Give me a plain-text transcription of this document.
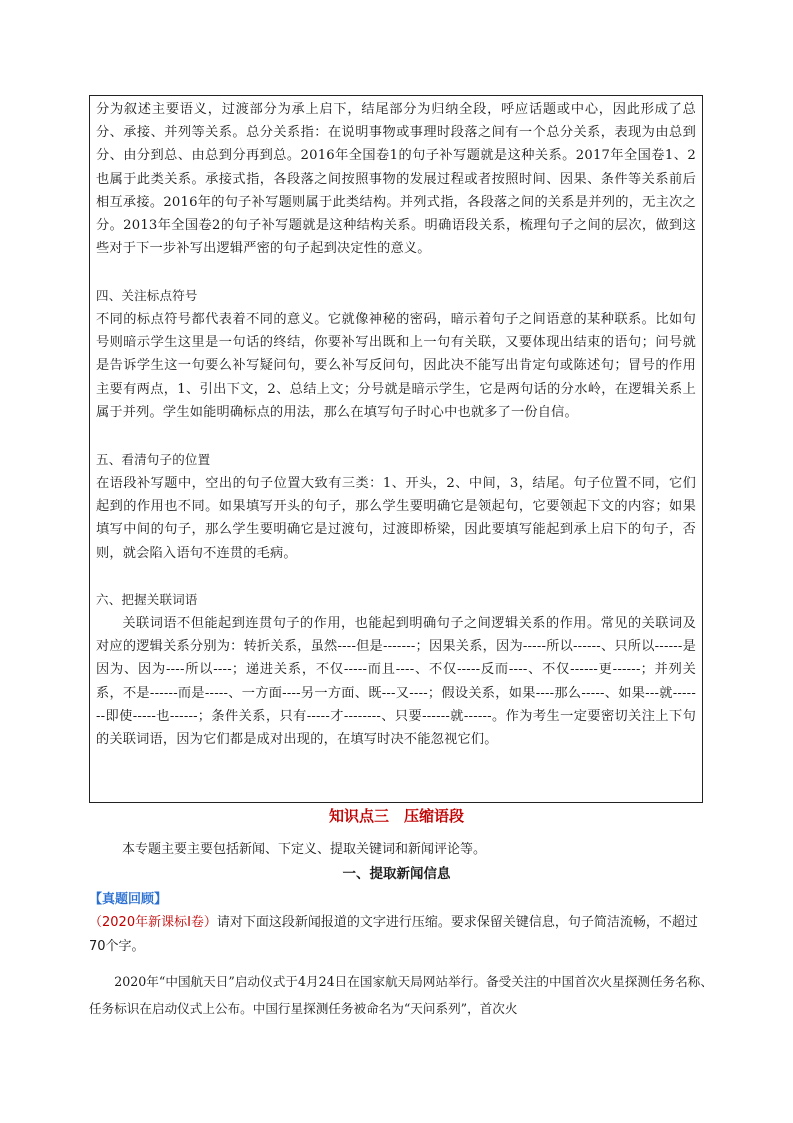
分为叙述主要语义，过渡部分为承上启下，结尾部分为归纳全段，呼应话题或中心，因此形成了总分、承接、并列等关系。总分关系指：在说明事物或事理时段落之间有一个总分关系，表现为由总到分、由分到总、由总到分再到总。2016年全国卷1的句子补写题就是这种关系。2017年全国卷1、2也属于此类关系。承接式指，各段落之间按照事物的发展过程或者按照时间、因果、条件等关系前后相互承接。2016年的句子补写题则属于此类结构。并列式指，各段落之间的关系是并列的，无主次之分。2013年全国卷2的句子补写题就是这种结构关系。明确语段关系，梳理句子之间的层次，做到这些对于下一步补写出逻辑严密的句子起到决定性的意义。

四、关注标点符号

不同的标点符号都代表着不同的意义。它就像神秘的密码，暗示着句子之间语意的某种联系。比如句号则暗示学生这里是一句话的终结，你要补写出既和上一句有关联，又要体现出结束的语句；问号就是告诉学生这一句要么补写疑问句，要么补写反问句，因此决不能写出肯定句或陈述句；冒号的作用主要有两点，1、引出下文，2、总结上文；分号就是暗示学生，它是两句话的分水岭，在逻辑关系上属于并列。学生如能明确标点的用法，那么在填写句子时心中也就多了一份自信。

五、看清句子的位置

在语段补写题中，空出的句子位置大致有三类：1、开头，2、中间，3，结尾。句子位置不同，它们起到的作用也不同。如果填写开头的句子，那么学生要明确它是领起句，它要领起下文的内容；如果填写中间的句子，那么学生要明确它是过渡句，过渡即桥梁，因此要填写能起到承上启下的句子，否则，就会陷入语句不连贯的毛病。

六、把握关联词语

关联词语不但能起到连贯句子的作用，也能起到明确句子之间逻辑关系的作用。常见的关联词及对应的逻辑关系分别为：转折关系，虽然----但是-------；因果关系，因为-----所以------、只所以------是因为、因为----所以----；递进关系，不仅-----而且----、不仅-----反而----、不仅------更------；并列关系，不是------而是-----、一方面----另一方面、既---又----；假设关系，如果----那么-----、如果---就-------即使-----也------；条件关系，只有-----才--------、只要------就------。作为考生一定要密切关注上下句的关联词语，因为它们都是成对出现的，在填写时决不能忽视它们。

知识点三　压缩语段
本专题主要主要包括新闻、下定义、提取关键词和新闻评论等。
一、提取新闻信息
【真题回顾】
（2020年新课标Ⅰ卷）请对下面这段新闻报道的文字进行压缩。要求保留关键信息，句子简洁流畅，不超过70个字。
2020年“中国航天日”启动仪式于4月24日在国家航天局网站举行。备受关注的中国首次火星探测任务名称、任务标识在启动仪式上公布。中国行星探测任务被命名为“天问系列”，首次火
